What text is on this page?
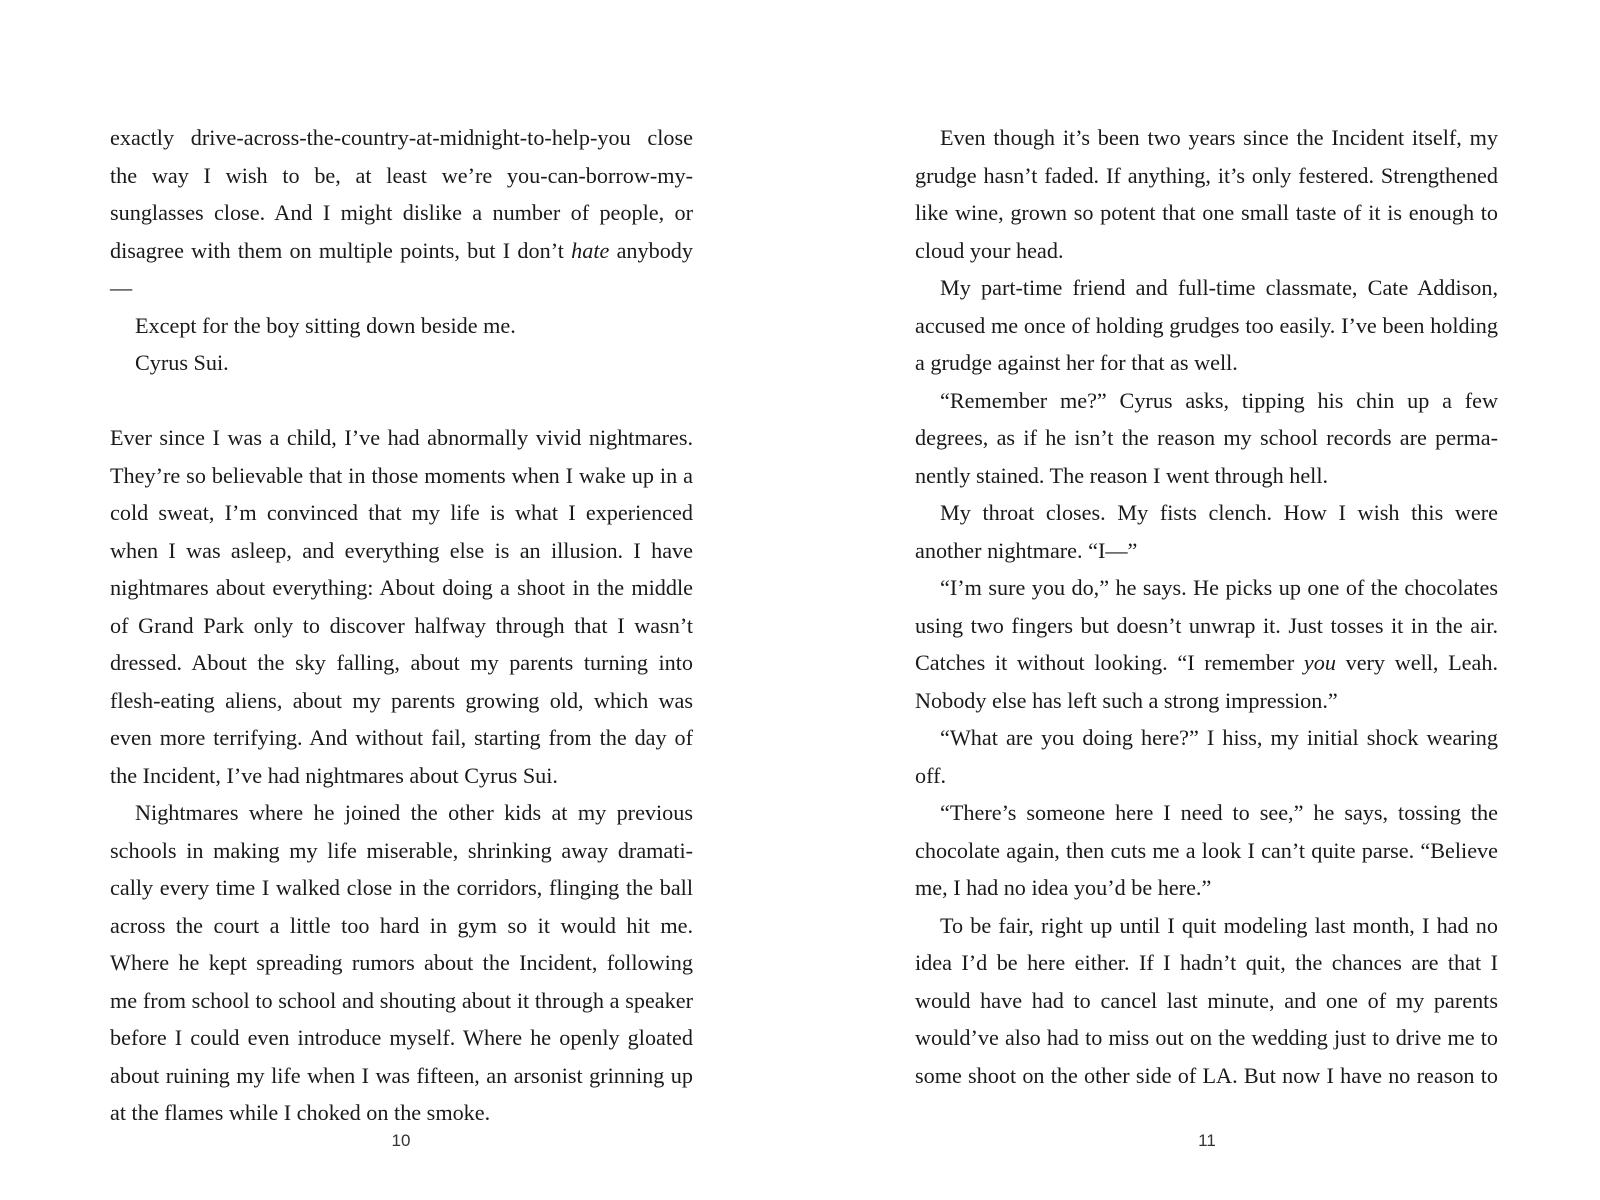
exactly drive-across-the-country-at-midnight-to-help-you close the way I wish to be, at least we’re you-can-borrow-my-sunglasses close. And I might dislike a number of people, or disagree with them on multiple points, but I don’t hate anybody—

Except for the boy sitting down beside me.

Cyrus Sui.

Ever since I was a child, I’ve had abnormally vivid nightmares. They’re so believable that in those moments when I wake up in a cold sweat, I’m convinced that my life is what I experienced when I was asleep, and everything else is an illusion. I have nightmares about everything: About doing a shoot in the middle of Grand Park only to discover halfway through that I wasn’t dressed. About the sky falling, about my parents turning into flesh-eating aliens, about my parents growing old, which was even more terrifying. And without fail, starting from the day of the Incident, I’ve had nightmares about Cyrus Sui.

Nightmares where he joined the other kids at my previous schools in making my life miserable, shrinking away dramatically every time I walked close in the corridors, flinging the ball across the court a little too hard in gym so it would hit me. Where he kept spreading rumors about the Incident, following me from school to school and shouting about it through a speaker before I could even introduce myself. Where he openly gloated about ruining my life when I was fifteen, an arsonist grinning up at the flames while I choked on the smoke.

10

Even though it’s been two years since the Incident itself, my grudge hasn’t faded. If anything, it’s only festered. Strengthened like wine, grown so potent that one small taste of it is enough to cloud your head.

My part-time friend and full-time classmate, Cate Addison, accused me once of holding grudges too easily. I’ve been holding a grudge against her for that as well.

“Remember me?” Cyrus asks, tipping his chin up a few degrees, as if he isn’t the reason my school records are permanently stained. The reason I went through hell.

My throat closes. My fists clench. How I wish this were another nightmare. “I—”

“I’m sure you do,” he says. He picks up one of the chocolates using two fingers but doesn’t unwrap it. Just tosses it in the air. Catches it without looking. “I remember you very well, Leah. Nobody else has left such a strong impression.”

“What are you doing here?” I hiss, my initial shock wearing off.

“There’s someone here I need to see,” he says, tossing the chocolate again, then cuts me a look I can’t quite parse. “Believe me, I had no idea you’d be here.”

To be fair, right up until I quit modeling last month, I had no idea I’d be here either. If I hadn’t quit, the chances are that I would have had to cancel last minute, and one of my parents would’ve also had to miss out on the wedding just to drive me to some shoot on the other side of LA. But now I have no reason to

11
